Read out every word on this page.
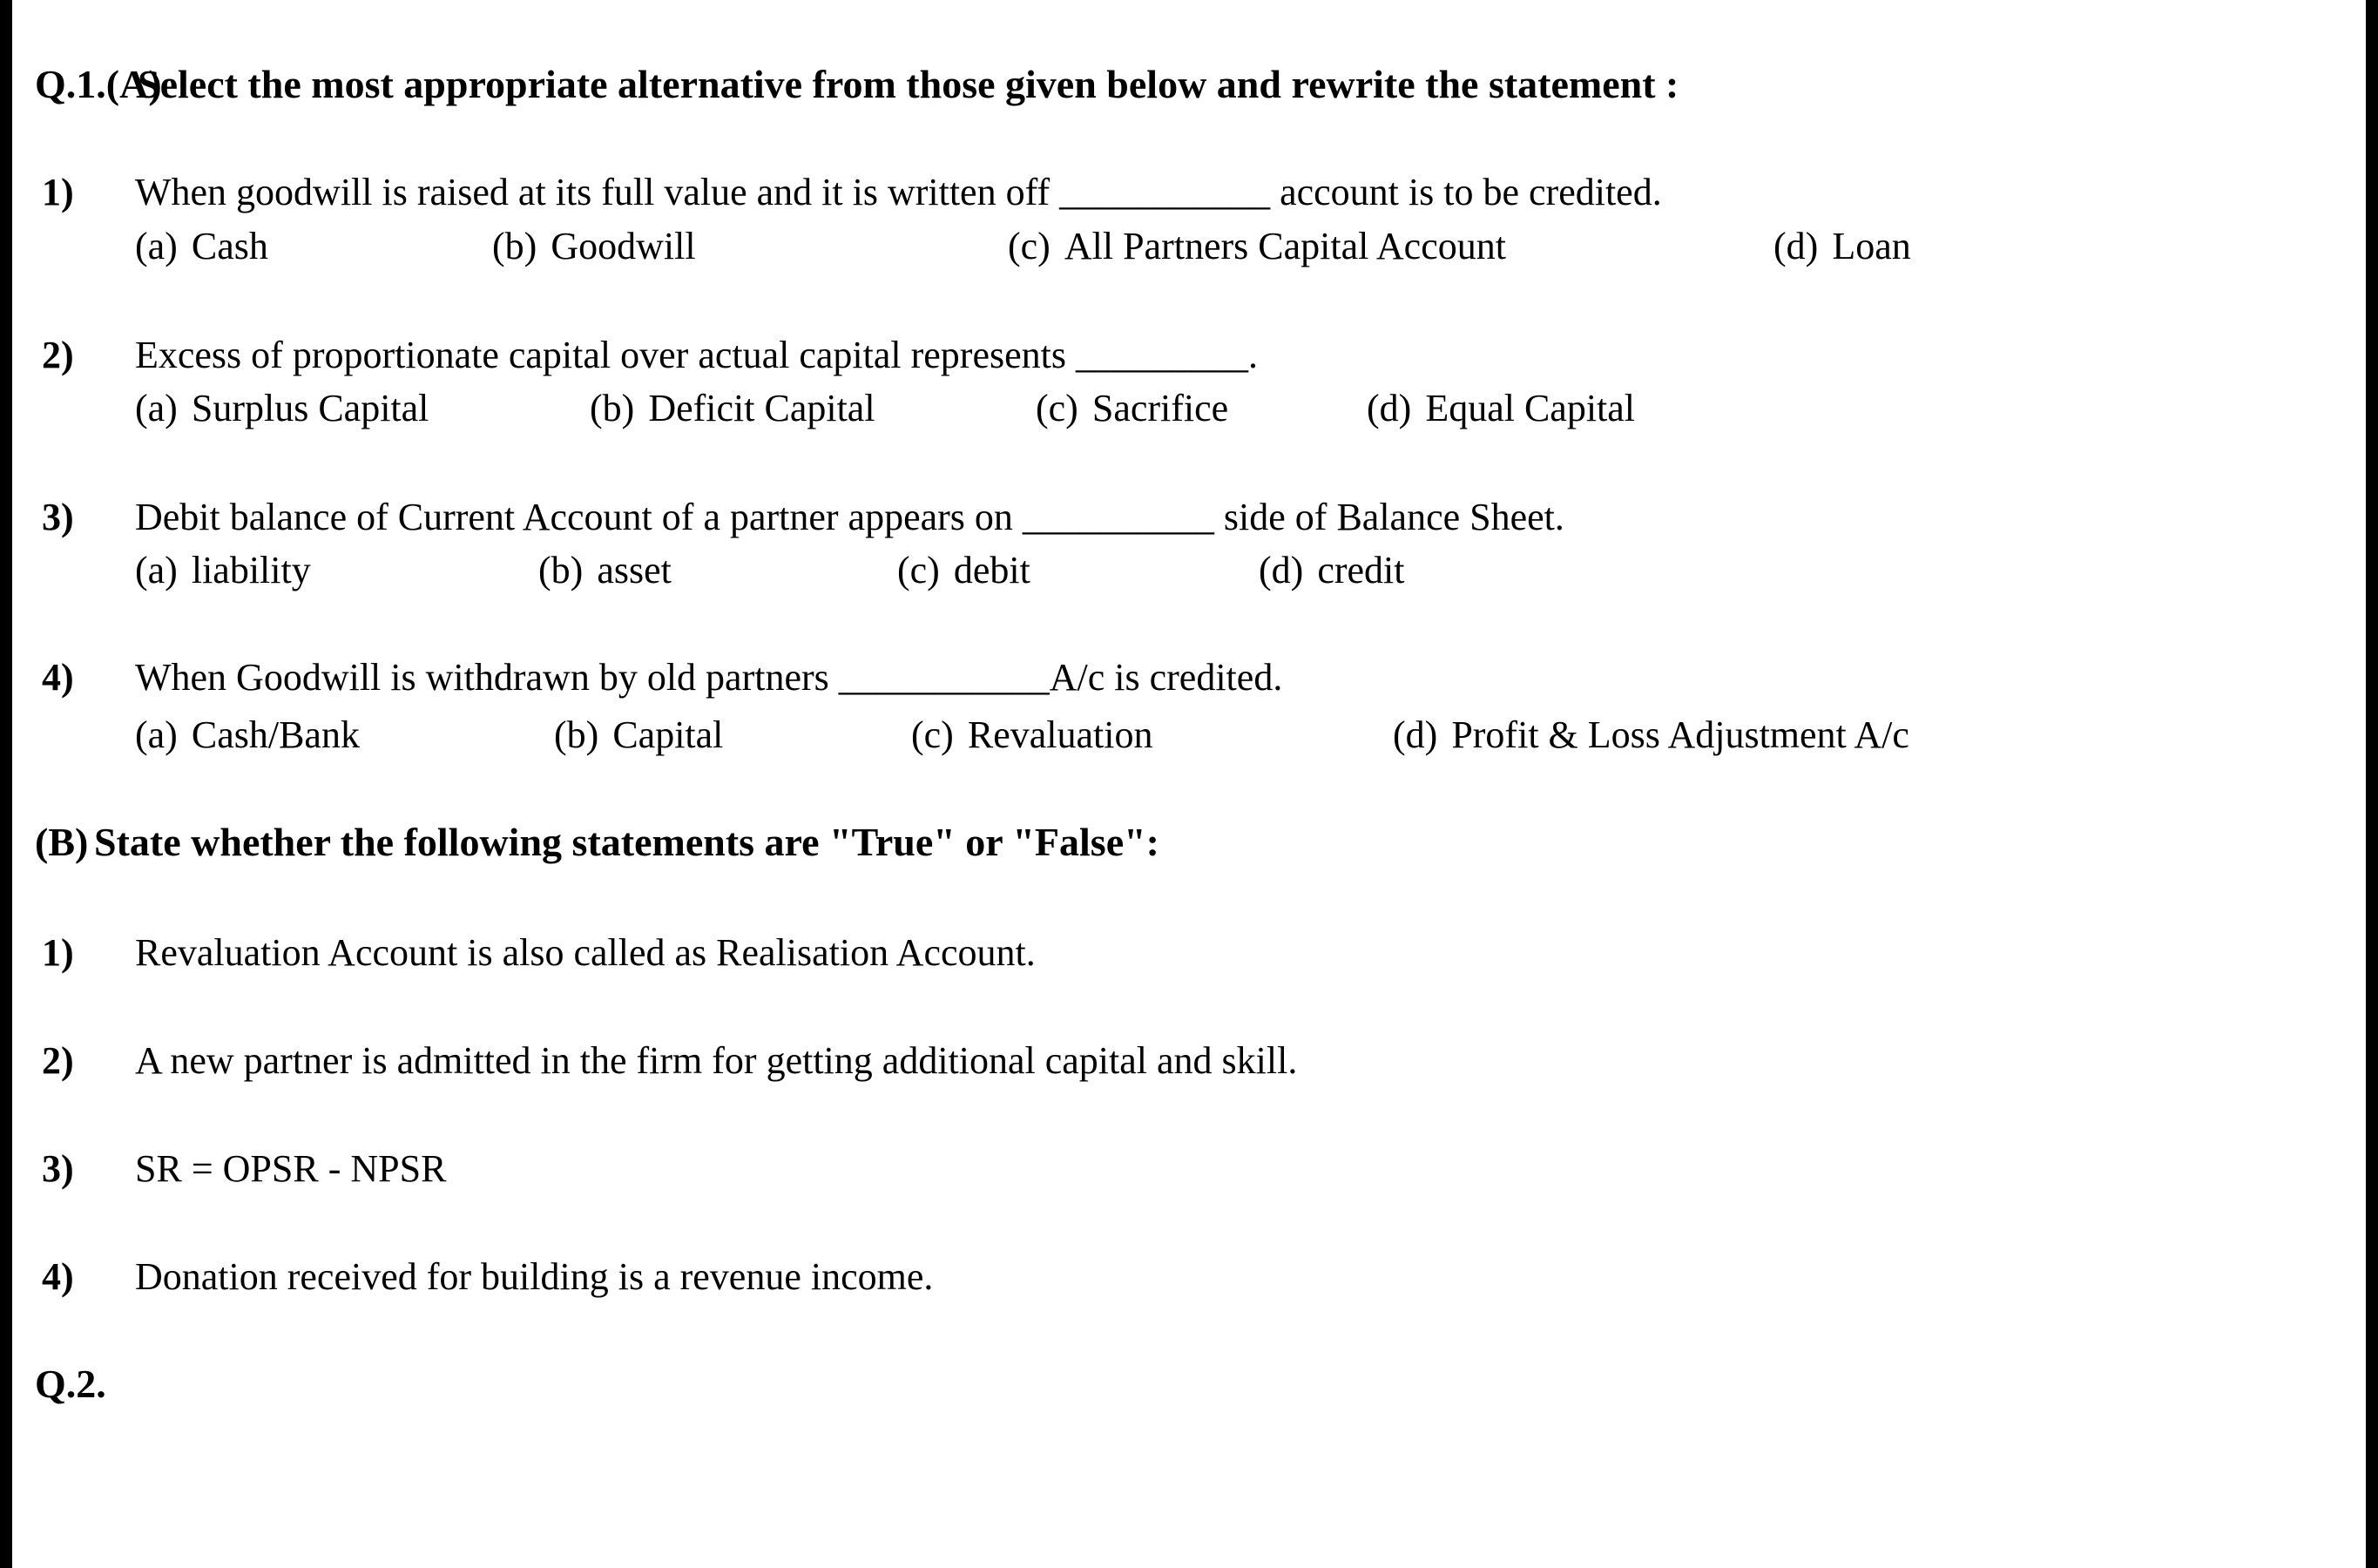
Q.1.(A)
Select the most appropriate alternative from those given below and rewrite the statement :
1)	When goodwill is raised at its full value and it is written off ___________ account is to be credited.
(a) Cash	(b) Goodwill	(c) All Partners Capital Account	(d) Loan
2)	Excess of proportionate capital over actual capital represents _________.
(a) Surplus Capital	(b) Deficit Capital	(c) Sacrifice	(d) Equal Capital
3)	Debit balance of Current Account of a partner appears on __________ side of Balance Sheet.
(a) liability	(b) asset	(c) debit	(d) credit
4)	When Goodwill is withdrawn by old partners ___________A/c is credited.
(a) Cash/Bank	(b) Capital	(c) Revaluation	(d) Profit & Loss Adjustment A/c
(B) State whether the following statements are "True" or "False":
1)	Revaluation Account is also called as Realisation Account.
2)	A new partner is admitted in the firm for getting additional capital and skill.
3)	SR = OPSR - NPSR
4)	Donation received for building is a revenue income.
Q.2.
